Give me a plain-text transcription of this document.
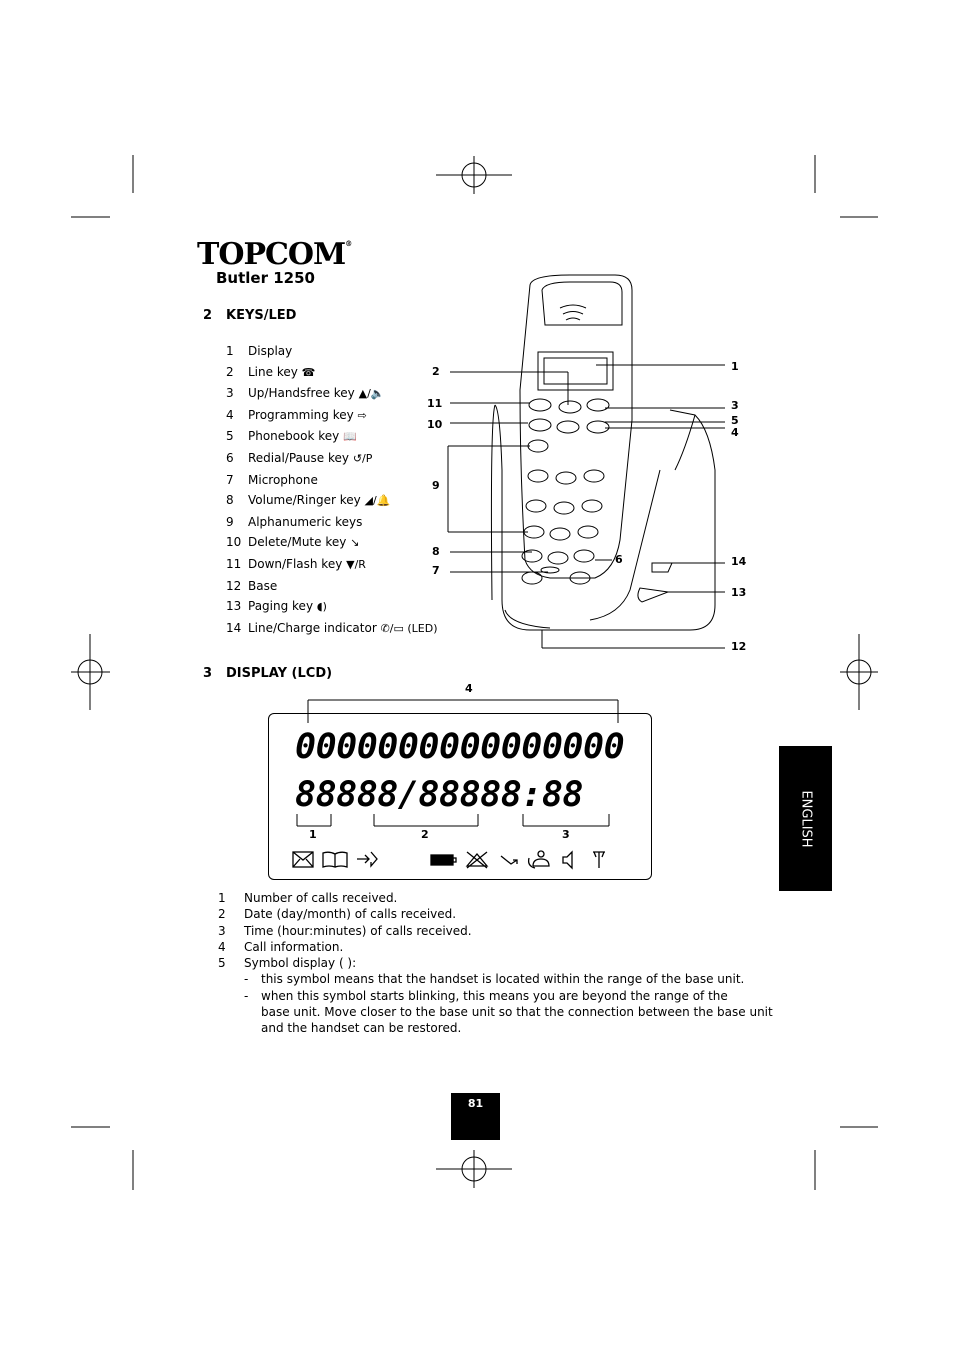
TOPCOM®
Butler 1250
2 KEYS/LED
1 Display
2 Line key ☎
3 Up/Handsfree key ▲/🔈
4 Programming key ⇨
5 Phonebook key 📖
6 Redial/Pause key ↺/P
7 Microphone
8 Volume/Ringer key ◢/🔔
9 Alphanumeric keys
10 Delete/Mute key ↘
11 Down/Flash key ▼/R
12 Base
13 Paging key ◖)
14 Line/Charge indicator ✆/▭ (LED)
1
2
3
4
5
6
7
8
9
10
11
12
13
14
3 DISPLAY (LCD)
4
0000000000000000
88888/88888:88
1	2	3
1 Number of calls received.
2 Date (day/month) of calls received.
3 Time (hour:minutes) of calls received.
4 Call information.
5 Symbol display ( ):
- this symbol means that the handset is located within the range of the base unit.
- when this symbol starts blinking, this means you are beyond the range of the
base unit. Move closer to the base unit so that the connection between the base unit
and the handset can be restored.
ENGLISH
81
